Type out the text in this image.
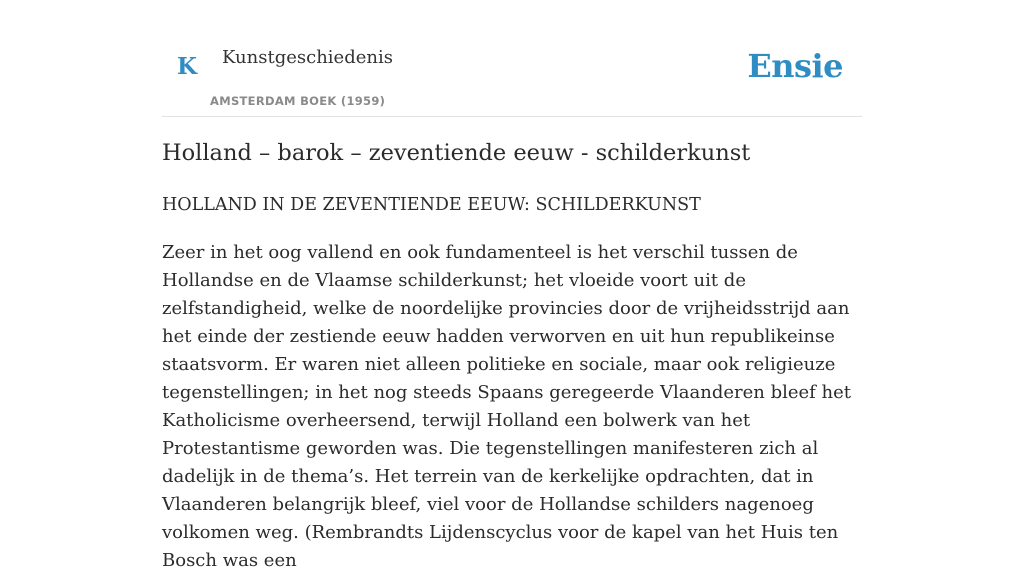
K Kunstgeschiedenis
AMSTERDAM BOEK (1959)
Ensie
Holland – barok – zeventiende eeuw - schilderkunst
HOLLAND IN DE ZEVENTIENDE EEUW: SCHILDERKUNST

Zeer in het oog vallend en ook fundamenteel is het verschil tussen de Hollandse en de Vlaamse schilderkunst; het vloeide voort uit de zelfstandigheid, welke de noordelijke provincies door de vrijheidsstrijd aan het einde der zestiende eeuw hadden verworven en uit hun republikeinse staatsvorm. Er waren niet alleen politieke en sociale, maar ook religieuze tegenstellingen; in het nog steeds Spaans geregeerde Vlaanderen bleef het Katholicisme overheersend, terwijl Holland een bolwerk van het Protestantisme geworden was. Die tegenstellingen manifesteren zich al dadelijk in de thema’s. Het terrein van de kerkelijke opdrachten, dat in Vlaanderen belangrijk bleef, viel voor de Hollandse schilders nagenoeg volkomen weg. (Rembrandts Lijdenscyclus voor de kapel van het Huis ten Bosch was een
